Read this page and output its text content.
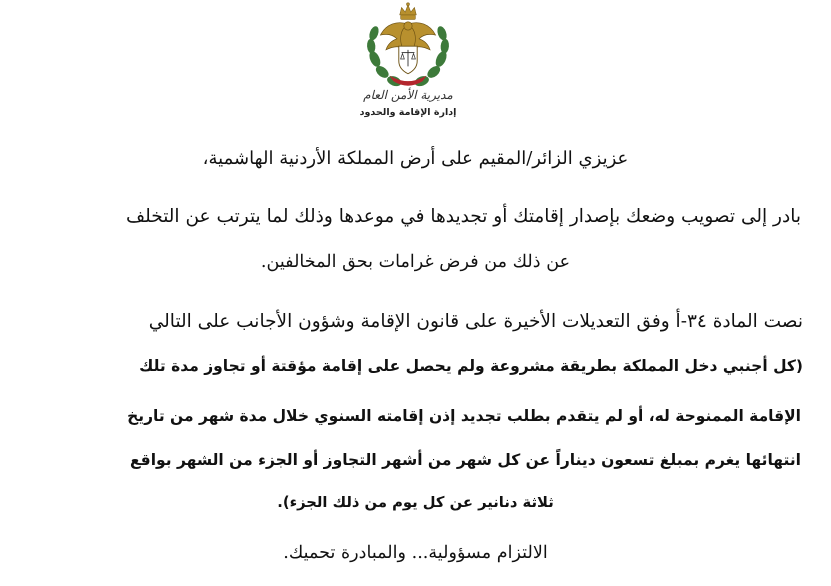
مديرية الأمن العام
إدارة الإقامة والحدود
عزيزي الزائر/المقيم على أرض المملكة الأردنية الهاشمية،
بادر إلى تصويب وضعك بإصدار إقامتك أو تجديدها في موعدها وذلك لما يترتب عن التخلف
عن ذلك من فرض غرامات بحق المخالفين.
نصت المادة ٣٤-أ وفق التعديلات الأخيرة على قانون الإقامة وشؤون الأجانب على التالي
(كل أجنبي دخل المملكة بطريقة مشروعة ولم يحصل على إقامة مؤقتة أو تجاوز مدة تلك
الإقامة الممنوحة له، أو لم يتقدم بطلب تجديد إذن إقامته السنوي خلال مدة شهر من تاريخ
انتهائها يغرم بمبلغ تسعون ديناراً عن كل شهر من أشهر التجاوز أو الجزء من الشهر بواقع
ثلاثة دنانير عن كل يوم من ذلك الجزء).
الالتزام مسؤولية... والمبادرة تحميك.
